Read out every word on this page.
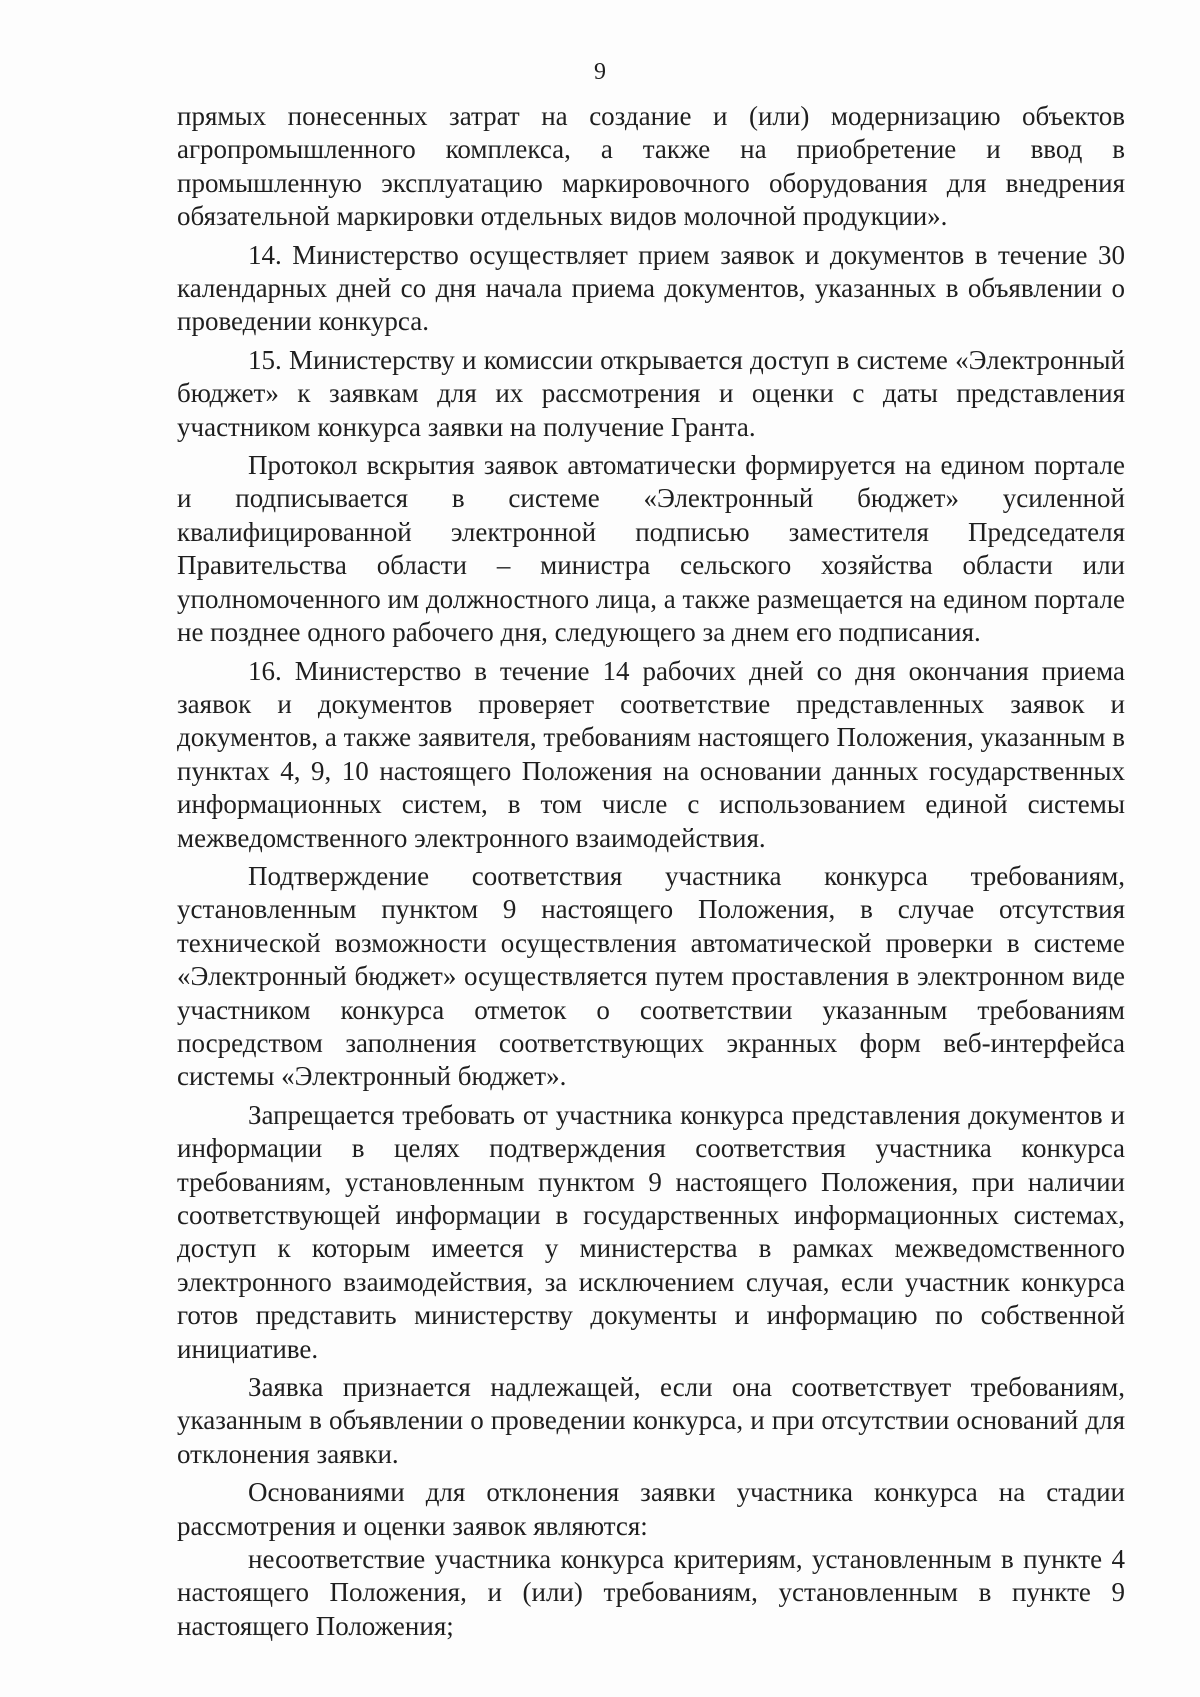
9

прямых понесенных затрат на создание и (или) модернизацию объектов агропромышленного комплекса, а также на приобретение и ввод в промышленную эксплуатацию маркировочного оборудования для внедрения обязательной маркировки отдельных видов молочной продукции».

14. Министерство осуществляет прием заявок и документов в течение 30 календарных дней со дня начала приема документов, указанных в объявлении о проведении конкурса.

15. Министерству и комиссии открывается доступ в системе «Электронный бюджет» к заявкам для их рассмотрения и оценки с даты представления участником конкурса заявки на получение Гранта.

Протокол вскрытия заявок автоматически формируется на едином портале и подписывается в системе «Электронный бюджет» усиленной квалифицированной электронной подписью заместителя Председателя Правительства области – министра сельского хозяйства области или уполномоченного им должностного лица, а также размещается на едином портале не позднее одного рабочего дня, следующего за днем его подписания.

16. Министерство в течение 14 рабочих дней со дня окончания приема заявок и документов проверяет соответствие представленных заявок и документов, а также заявителя, требованиям настоящего Положения, указанным в пунктах 4, 9, 10 настоящего Положения на основании данных государственных информационных систем, в том числе с использованием единой системы межведомственного электронного взаимодействия.

Подтверждение соответствия участника конкурса требованиям, установленным пунктом 9 настоящего Положения, в случае отсутствия технической возможности осуществления автоматической проверки в системе «Электронный бюджет» осуществляется путем проставления в электронном виде участником конкурса отметок о соответствии указанным требованиям посредством заполнения соответствующих экранных форм веб-интерфейса системы «Электронный бюджет».

Запрещается требовать от участника конкурса представления документов и информации в целях подтверждения соответствия участника конкурса требованиям, установленным пунктом 9 настоящего Положения, при наличии соответствующей информации в государственных информационных системах, доступ к которым имеется у министерства в рамках межведомственного электронного взаимодействия, за исключением случая, если участник конкурса готов представить министерству документы и информацию по собственной инициативе.

Заявка признается надлежащей, если она соответствует требованиям, указанным в объявлении о проведении конкурса, и при отсутствии оснований для отклонения заявки.

Основаниями для отклонения заявки участника конкурса на стадии рассмотрения и оценки заявок являются:

несоответствие участника конкурса критериям, установленным в пункте 4 настоящего Положения, и (или) требованиям, установленным в пункте 9 настоящего Положения;
